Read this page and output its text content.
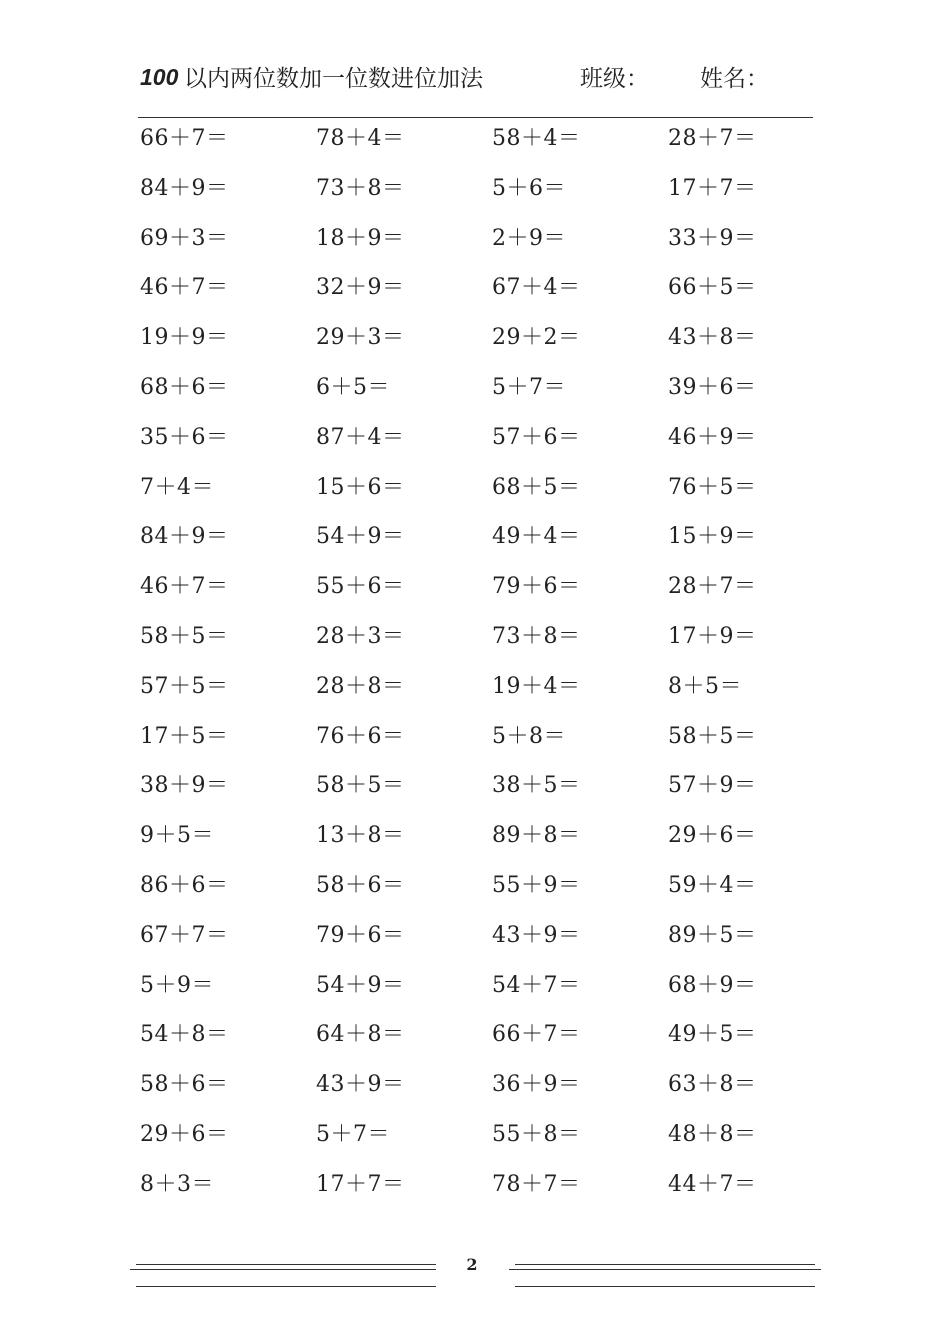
100 以内两位数加一位数进位加法	班级： 姓名：
66＋7＝	78＋4＝	58＋4＝	28＋7＝
84＋9＝	73＋8＝	5＋6＝	17＋7＝
69＋3＝	18＋9＝	2＋9＝	33＋9＝
46＋7＝	32＋9＝	67＋4＝	66＋5＝
19＋9＝	29＋3＝	29＋2＝	43＋8＝
68＋6＝	6＋5＝	5＋7＝	39＋6＝
35＋6＝	87＋4＝	57＋6＝	46＋9＝
7＋4＝	15＋6＝	68＋5＝	76＋5＝
84＋9＝	54＋9＝	49＋4＝	15＋9＝
46＋7＝	55＋6＝	79＋6＝	28＋7＝
58＋5＝	28＋3＝	73＋8＝	17＋9＝
57＋5＝	28＋8＝	19＋4＝	8＋5＝
17＋5＝	76＋6＝	5＋8＝	58＋5＝
38＋9＝	58＋5＝	38＋5＝	57＋9＝
9＋5＝	13＋8＝	89＋8＝	29＋6＝
86＋6＝	58＋6＝	55＋9＝	59＋4＝
67＋7＝	79＋6＝	43＋9＝	89＋5＝
5＋9＝	54＋9＝	54＋7＝	68＋9＝
54＋8＝	64＋8＝	66＋7＝	49＋5＝
58＋6＝	43＋9＝	36＋9＝	63＋8＝
29＋6＝	5＋7＝	55＋8＝	48＋8＝
8＋3＝	17＋7＝	78＋7＝	44＋7＝
2
